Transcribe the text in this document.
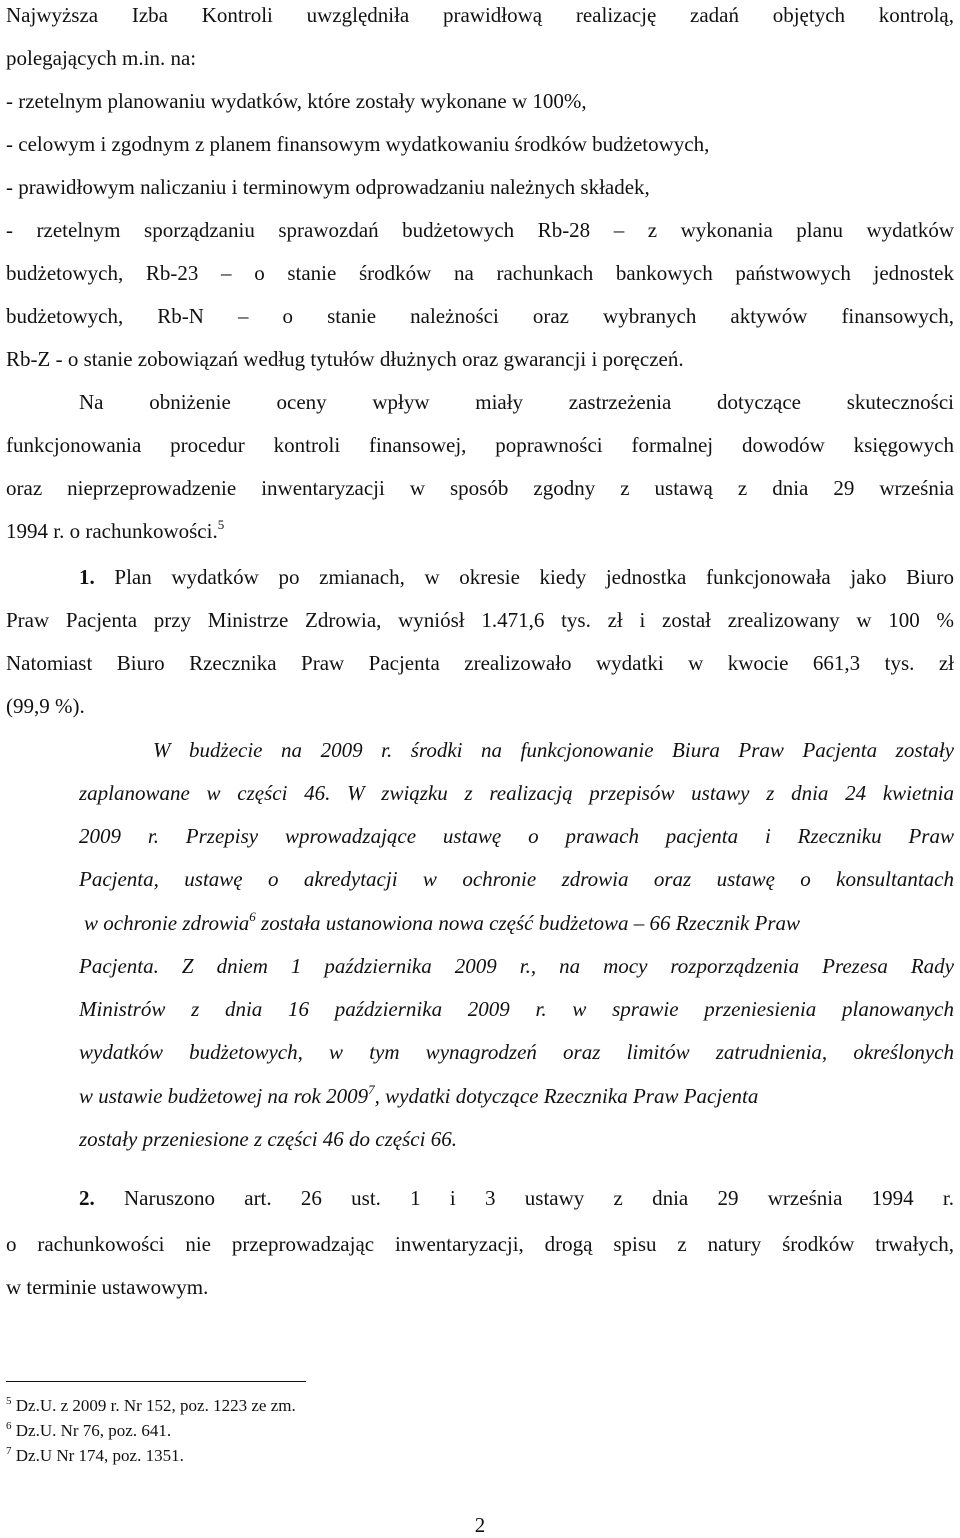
Najwyższa Izba Kontroli uwzględniła prawidłową realizację zadań objętych kontrolą,
polegających m.in. na:
- rzetelnym planowaniu wydatków, które zostały wykonane w 100%,
- celowym i zgodnym z planem finansowym wydatkowaniu środków budżetowych,
- prawidłowym naliczaniu i terminowym odprowadzaniu należnych składek,
- rzetelnym sporządzaniu sprawozdań budżetowych Rb-28 – z wykonania planu wydatków
budżetowych, Rb-23 – o stanie środków na rachunkach bankowych państwowych jednostek
budżetowych, Rb-N – o stanie należności oraz wybranych aktywów finansowych,
Rb-Z - o stanie zobowiązań według tytułów dłużnych oraz gwarancji i poręczeń.
Na obniżenie oceny wpływ miały zastrzeżenia dotyczące skuteczności
funkcjonowania procedur kontroli finansowej, poprawności formalnej dowodów księgowych
oraz nieprzeprowadzenie inwentaryzacji w sposób zgodny z ustawą z dnia 29 września
1994 r. o rachunkowości.$^5$
1. Plan wydatków po zmianach, w okresie kiedy jednostka funkcjonowała jako Biuro
Praw Pacjenta przy Ministrze Zdrowia, wyniósł 1.471,6 tys. zł i został zrealizowany w 100 %
Natomiast Biuro Rzecznika Praw Pacjenta zrealizowało wydatki w kwocie 661,3 tys. zł
(99,9 %).
W budżecie na 2009 r. środki na funkcjonowanie Biura Praw Pacjenta zostały
zaplanowane w części 46. W związku z realizacją przepisów ustawy z dnia 24 kwietnia
2009 r. Przepisy wprowadzające ustawę o prawach pacjenta i Rzeczniku Praw
Pacjenta, ustawę o akredytacji w ochronie zdrowia oraz ustawę o konsultantach
w ochronie zdrowia$^6$ została ustanowiona nowa część budżetowa – 66 Rzecznik Praw
Pacjenta. Z dniem 1 października 2009 r., na mocy rozporządzenia Prezesa Rady
Ministrów z dnia 16 października 2009 r. w sprawie przeniesienia planowanych
wydatków budżetowych, w tym wynagrodzeń oraz limitów zatrudnienia, określonych
w ustawie budżetowej na rok 2009$^7$, wydatki dotyczące Rzecznika Praw Pacjenta
zostały przeniesione z części 46 do części 66.
2. Naruszono art. 26 ust. 1 i 3 ustawy z dnia 29 września 1994 r.
o rachunkowości nie przeprowadzając inwentaryzacji, drogą spisu z natury środków trwałych,
w terminie ustawowym.
$^5$ Dz.U. z 2009 r. Nr 152, poz. 1223 ze zm.
$^6$ Dz.U. Nr 76, poz. 641.
$^7$ Dz.U Nr 174, poz. 1351.
2
